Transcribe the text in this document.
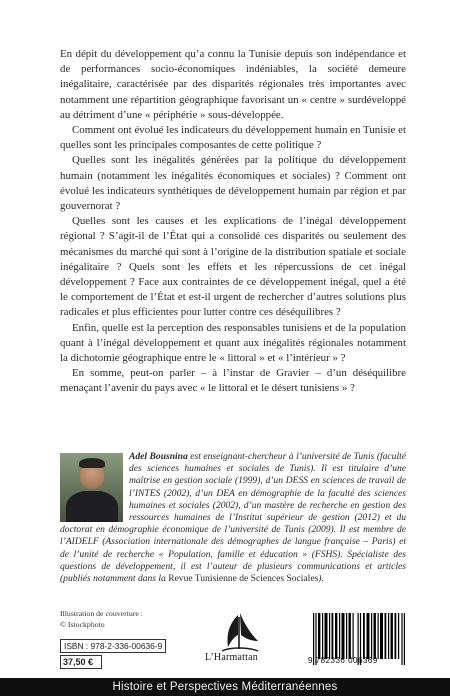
En dépit du développement qu’a connu la Tunisie depuis son indépendance et de performances socio-économiques indéniables, la société demeure inégalitaire, caractérisée par des disparités régionales très importantes avec notamment une répartition géographique favorisant un « centre » surdéveloppé au détriment d’une « périphérie » sous-développée.

Comment ont évolué les indicateurs du développement humain en Tunisie et quelles sont les principales composantes de cette politique ?

Quelles sont les inégalités générées par la politique du développement humain (notamment les inégalités économiques et sociales) ? Comment ont évolué les indicateurs synthétiques de développement humain par région et par gouvernorat ?

Quelles sont les causes et les explications de l’inégal développement régional ? S’agit-il de l’État qui a consolidé ces disparités ou seulement des mécanismes du marché qui sont à l’origine de la distribution spatiale et sociale inégalitaire ? Quels sont les effets et les répercussions de cet inégal développement ? Face aux contraintes de ce développement inégal, quel a été le comportement de l’État et est-il urgent de rechercher d’autres solutions plus radicales et plus efficientes pour lutter contre ces déséquilibres ?

Enfin, quelle est la perception des responsables tunisiens et de la population quant à l’inégal développement et quant aux inégalités régionales notamment la dichotomie géographique entre le « littoral » et « l’intérieur » ?

En somme, peut-on parler – à l’instar de Gravier – d’un déséquilibre menaçant l’avenir du pays avec « le littoral et le désert tunisiens » ?

Adel Bousnina est enseignant-chercheur à l’université de Tunis (faculté des sciences humaines et sociales de Tunis). Il est titulaire d’une maîtrise en gestion sociale (1999), d’un DESS en sciences de travail de l’INTES (2002), d’un DEA en démographie de la faculté des sciences humaines et sociales (2002), d’un mastère de recherche en gestion des ressources humaines de l’Institut supérieur de gestion (2012) et du doctorat en démographie économique de l’université de Tunis (2009). Il est membre de l’AIDELF (Association internationale des démographes de langue française – Paris) et de l’unité de recherche « Population, famille et éducation » (FSHS). Spécialiste des questions de développement, il est l’auteur de plusieurs communications et articles (publiés notamment dans la Revue Tunisienne de Sciences Sociales).

Illustration de couverture :
© Istockphoto
ISBN : 978-2-336-00636-9
37,50 €	L’Harmattan	9 782336 006369
Histoire et Perspectives Méditerranéennes
